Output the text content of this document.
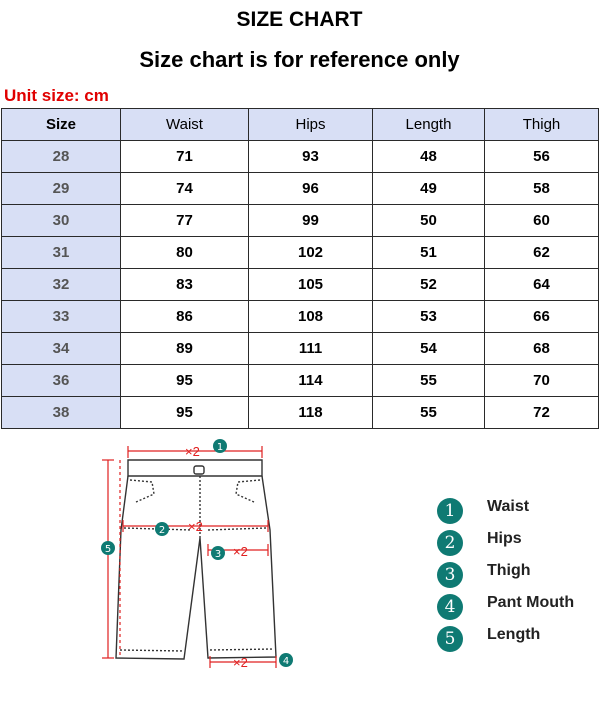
SIZE CHART
Size chart is for reference only
Unit size: cm
Size	Waist	Hips	Length	Thigh
28	71	93	48	56
29	74	96	49	58
30	77	99	50	60
31	80	102	51	62
32	83	105	52	64
33	86	108	53	66
34	89	111	54	68
36	95	114	55	70
38	95	118	55	72
×2
×2
×2
×2
1
2
3
4
5
1	Waist
2	Hips
3	Thigh
4	Pant Mouth
5	Length
